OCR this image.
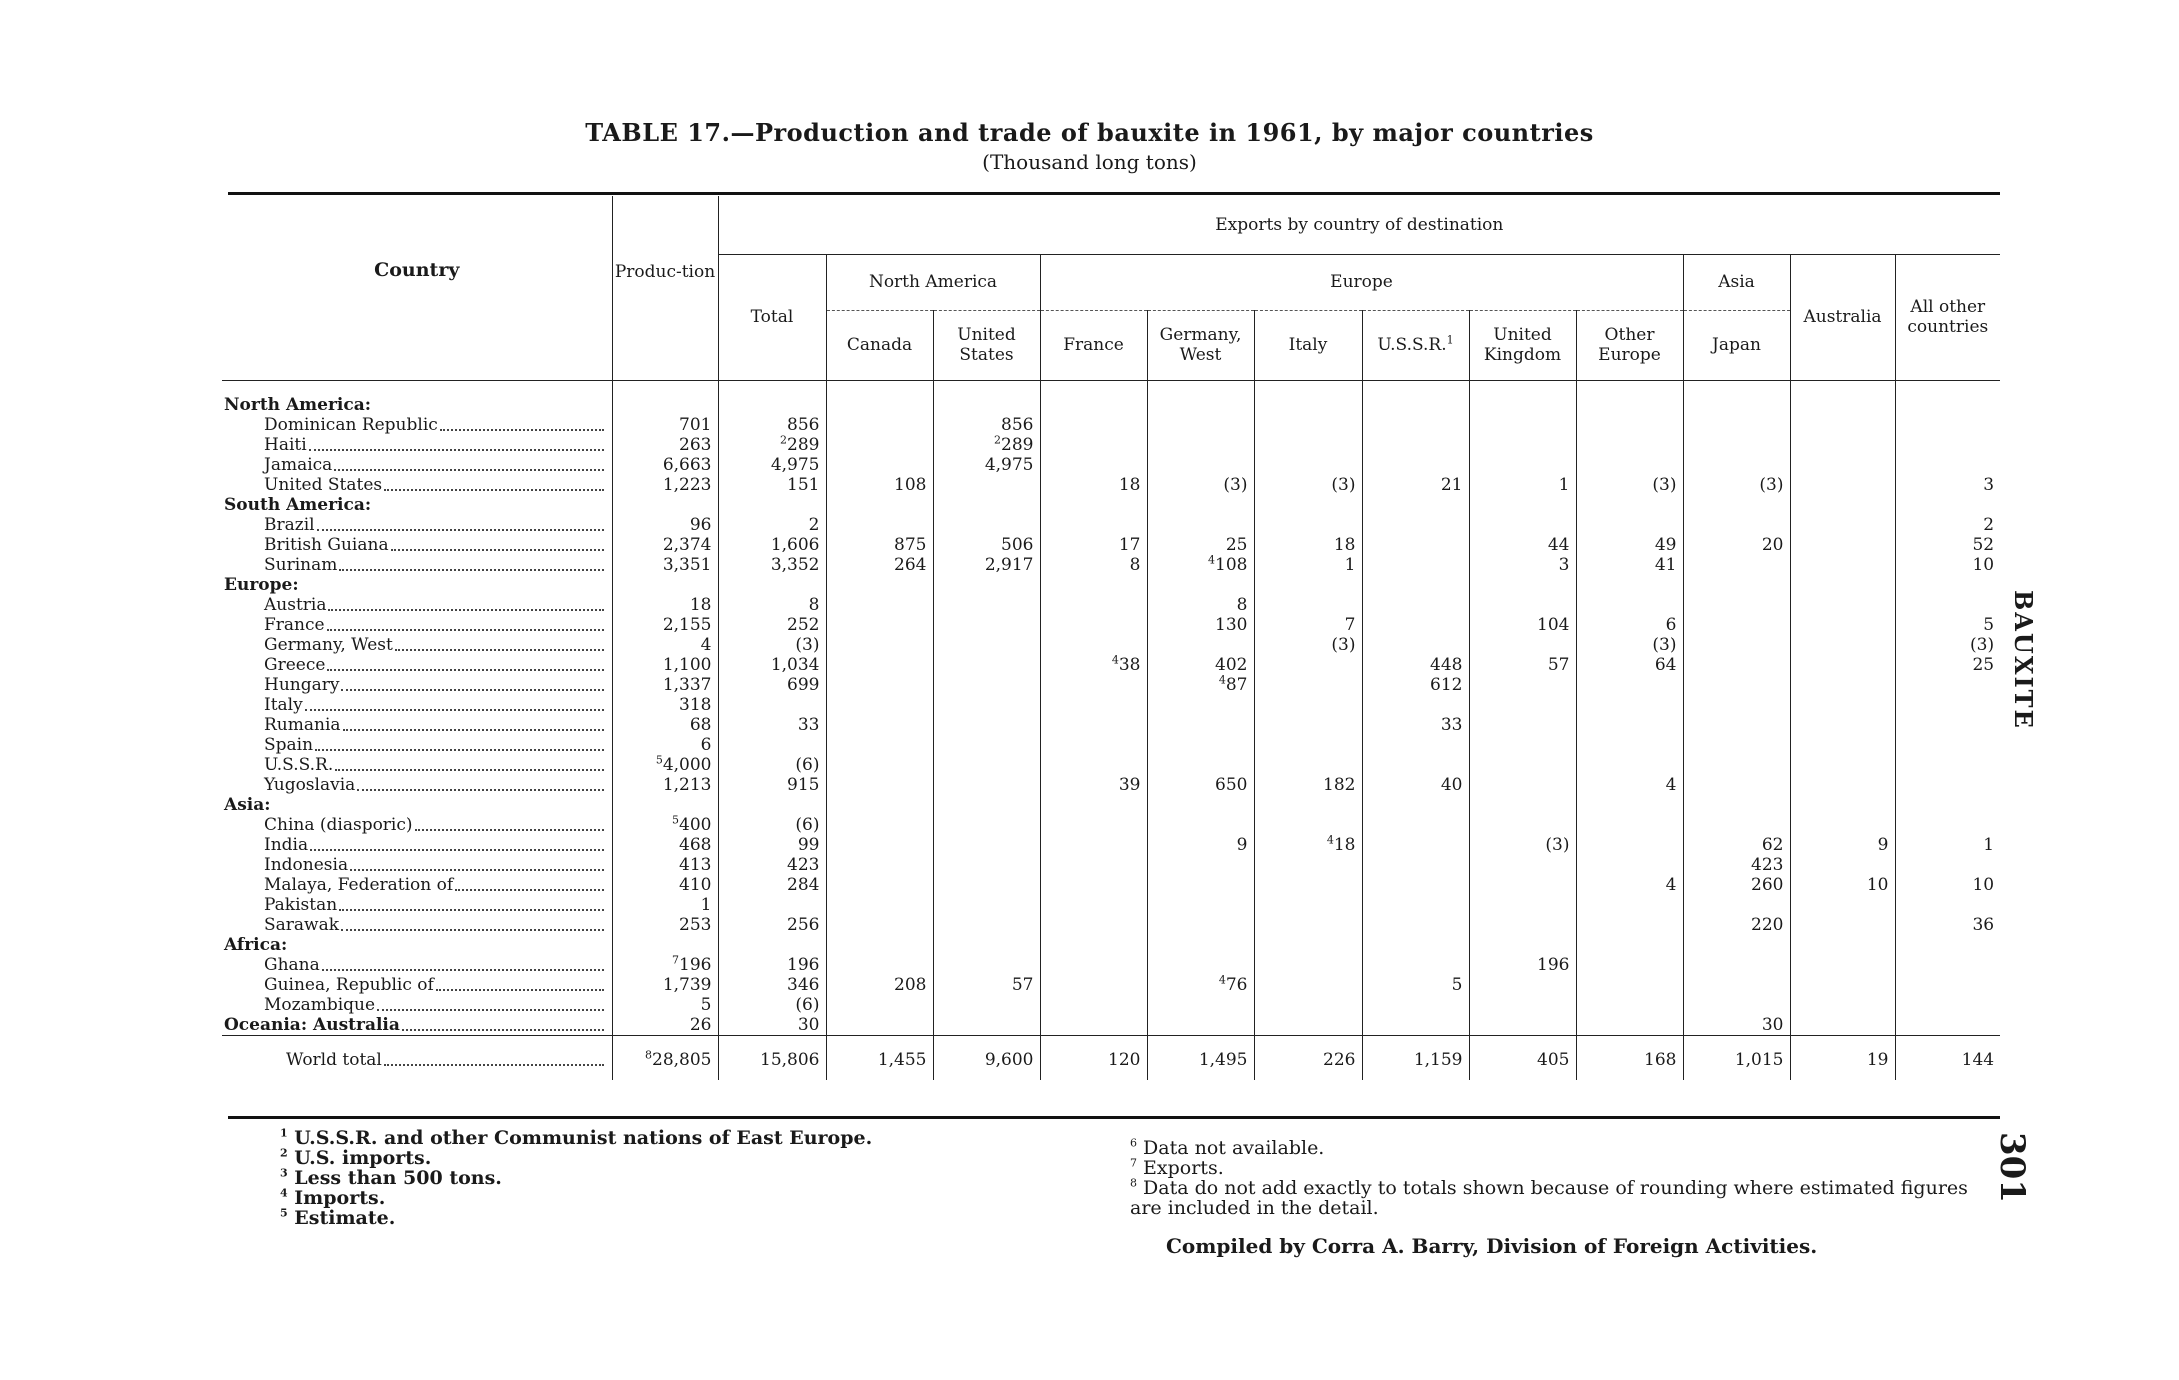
TABLE 17.—Production and trade of bauxite in 1961, by major countries
(Thousand long tons)
Country	Produc-tion	Exports by country of destination											
		Total	North America		Europe						Asia	Australia	All other countries
			Canada	United States	France	Germany, West	Italy	U.S.S.R.$^1$	United Kingdom	Other Europe	Japan		
North America:													

Dominican Republic	701	856		856									

Haiti	263	$^2$289		$^2$289									

Jamaica	6,663	4,975		4,975									

United States	1,223	151	108		18	(3)	(3)	21	1	(3)	(3)		3
South America:													

Brazil	96	2											2

British Guiana	2,374	1,606	875	506	17	25	18		44	49	20		52

Surinam	3,351	3,352	264	2,917	8	$^4$108	1		3	41			10
Europe:													

Austria	18	8				8							

France	2,155	252				130	7		104	6			5

Germany, West	4	(3)					(3)			(3)			(3)

Greece	1,100	1,034			$^4$38	402		448	57	64			25

Hungary	1,337	699				$^4$87		612					

Italy	318												

Rumania	68	33						33					

Spain	6												

U.S.S.R.	$^5$4,000	(6)											

Yugoslavia	1,213	915			39	650	182	40		4			
Asia:													

China (diasporic)	$^5$400	(6)											

India	468	99				9	$^4$18		(3)		62	9	1

Indonesia	413	423									423		

Malaya, Federation of	410	284								4	260	10	10

Pakistan	1												

Sarawak	253	256									220		36
Africa:													

Ghana	$^7$196	196							196				

Guinea, Republic of	1,739	346	208	57		$^4$76		5					

Mozambique	5	(6)											

Oceania: Australia	26	30									30		

World total	$^8$28,805	15,806	1,455	9,600	120	1,495	226	1,159	405	168	1,015	19	144
BAUXITE
301
$^1$ U.S.S.R. and other Communist nations of East Europe.
$^2$ U.S. imports.
$^3$ Less than 500 tons.
$^4$ Imports.
$^5$ Estimate.
$^6$ Data not available.
$^7$ Exports.
$^8$ Data do not add exactly to totals shown because of rounding where estimated figures are included in the detail.
Compiled by Corra A. Barry, Division of Foreign Activities.
